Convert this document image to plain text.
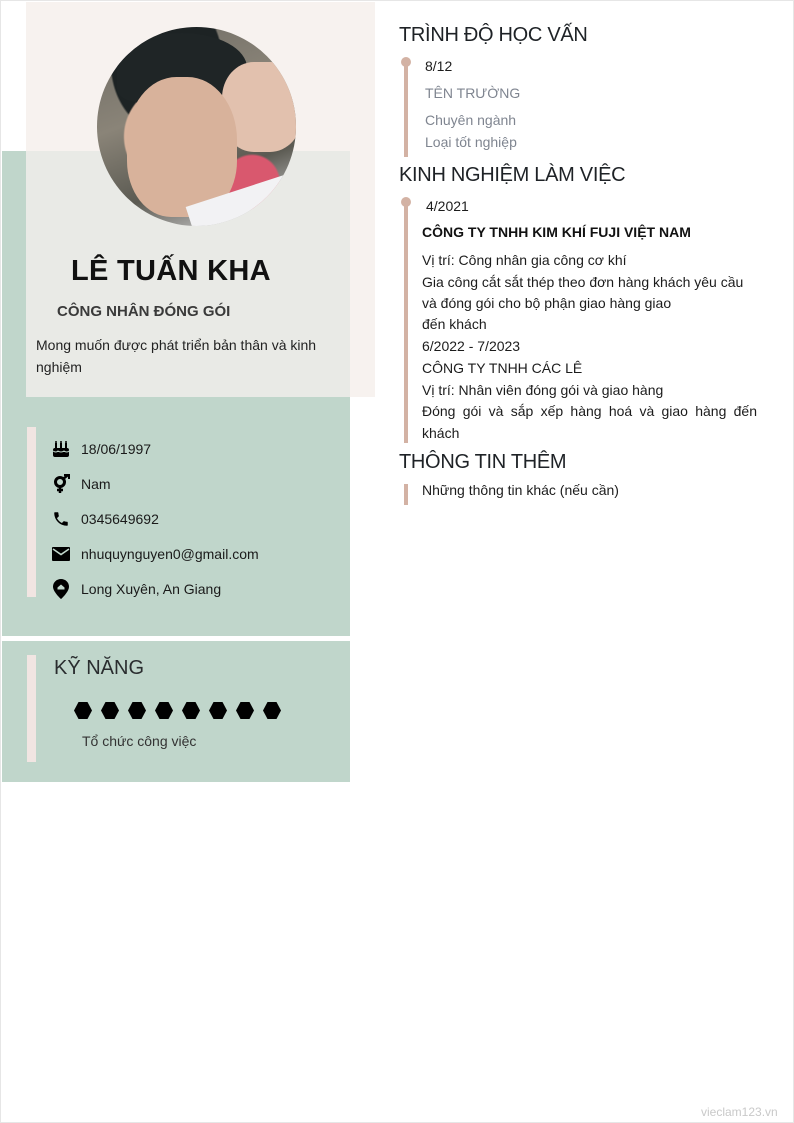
LÊ TUẤN KHA
CÔNG NHÂN ĐÓNG GÓI
Mong muốn được phát triển bản thân và kinh nghiệm
18/06/1997
Nam
0345649692
nhuquynguyen0@gmail.com
Long Xuyên, An Giang
KỸ NĂNG
Tổ chức công việc
TRÌNH ĐỘ HỌC VẤN
8/12
TÊN TRƯỜNG
Chuyên ngành
Loại tốt nghiệp
KINH NGHIỆM LÀM VIỆC
4/2021
CÔNG TY TNHH KIM KHÍ FUJI VIỆT NAM
Vị trí: Công nhân gia công cơ khí
Gia công cắt sắt thép theo đơn hàng khách yêu cầu
và đóng gói cho bộ phận giao hàng giao
đến khách
6/2022 - 7/2023
CÔNG TY TNHH CÁC LÊ
Vị trí: Nhân viên đóng gói và giao hàng
Đóng gói và sắp xếp hàng hoá và giao hàng đến khách
THÔNG TIN THÊM
Những thông tin khác (nếu cần)
vieclam123.vn
